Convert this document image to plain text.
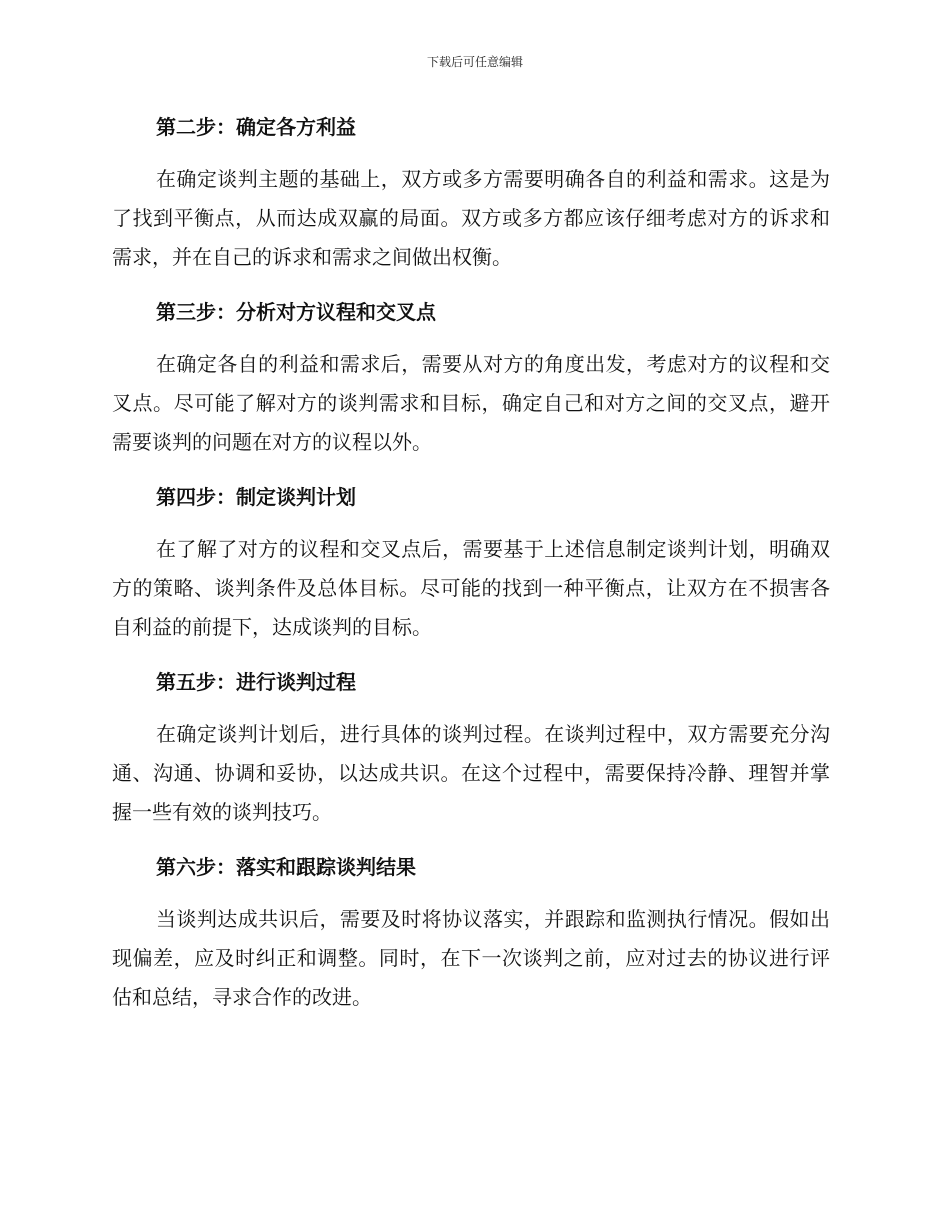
下载后可任意编辑
第二步：确定各方利益

在确定谈判主题的基础上，双方或多方需要明确各自的利益和需求。这是为了找到平衡点，从而达成双赢的局面。双方或多方都应该仔细考虑对方的诉求和需求，并在自己的诉求和需求之间做出权衡。

第三步：分析对方议程和交叉点

在确定各自的利益和需求后，需要从对方的角度出发，考虑对方的议程和交叉点。尽可能了解对方的谈判需求和目标，确定自己和对方之间的交叉点，避开需要谈判的问题在对方的议程以外。

第四步：制定谈判计划

在了解了对方的议程和交叉点后，需要基于上述信息制定谈判计划，明确双方的策略、谈判条件及总体目标。尽可能的找到一种平衡点，让双方在不损害各自利益的前提下，达成谈判的目标。

第五步：进行谈判过程

在确定谈判计划后，进行具体的谈判过程。在谈判过程中，双方需要充分沟通、沟通、协调和妥协，以达成共识。在这个过程中，需要保持冷静、理智并掌握一些有效的谈判技巧。

第六步：落实和跟踪谈判结果

当谈判达成共识后，需要及时将协议落实，并跟踪和监测执行情况。假如出现偏差，应及时纠正和调整。同时，在下一次谈判之前，应对过去的协议进行评估和总结，寻求合作的改进。
